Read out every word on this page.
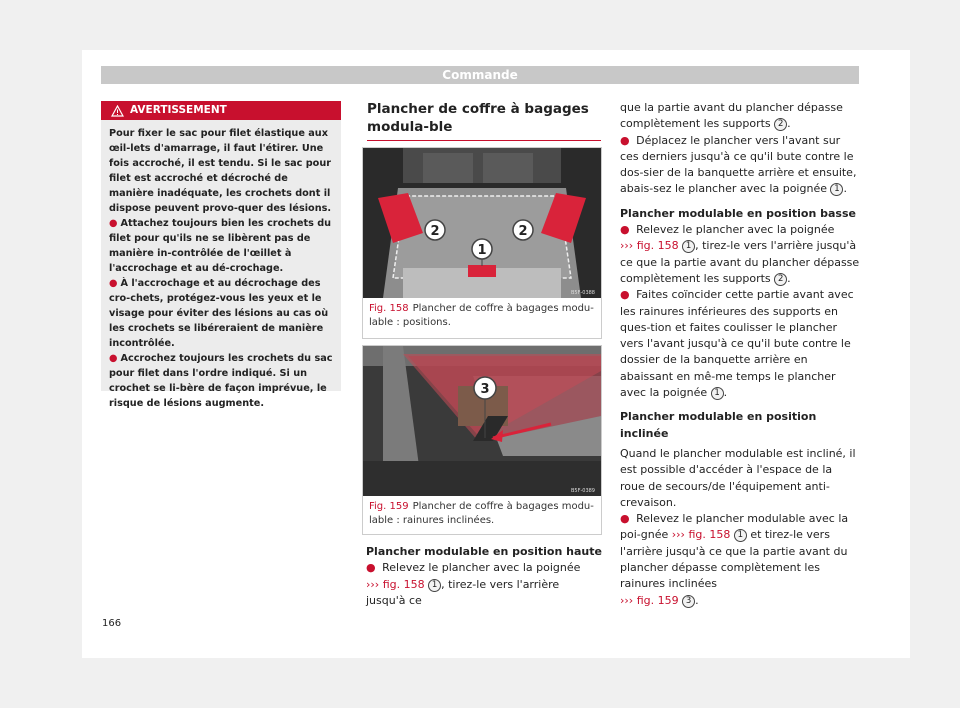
Commande
AVERTISSEMENT

Pour fixer le sac pour filet élastique aux œil-lets d'amarrage, il faut l'étirer. Une fois accroché, il est tendu. Si le sac pour filet est accroché et décroché de manière inadéquate, les crochets dont il dispose peuvent provo-quer des lésions.

● Attachez toujours bien les crochets du filet pour qu'ils ne se libèrent pas de manière in-contrôlée de l'œillet à l'accrochage et au dé-crochage.

● À l'accrochage et au décrochage des cro-chets, protégez-vous les yeux et le visage pour éviter des lésions au cas où les crochets se libéreraient de manière incontrôlée.

● Accrochez toujours les crochets du sac pour filet dans l'ordre indiqué. Si un crochet se li-bère de façon imprévue, le risque de lésions augmente.

Plancher de coffre à bagages modula-ble
2	2
1
B5F-0388
Fig. 158 Plancher de coffre à bagages modu-lable : positions.
3
B5F-0389
Fig. 159 Plancher de coffre à bagages modu-lable : rainures inclinées.

Plancher modulable en position haute

● Relevez le plancher avec la poignée
››› fig. 158 1 , tirez-le vers l'arrière jusqu'à ce

que la partie avant du plancher dépasse complètement les supports 2 .

● Déplacez le plancher vers l'avant sur ces derniers jusqu'à ce qu'il bute contre le dos-sier de la banquette arrière et ensuite, abais-sez le plancher avec la poignée 1 .

Plancher modulable en position basse

● Relevez le plancher avec la poignée
››› fig. 158 1 , tirez-le vers l'arrière jusqu'à ce que la partie avant du plancher dépasse complètement les supports 2 .

● Faites coïncider cette partie avant avec les rainures inférieures des supports en ques-tion et faites coulisser le plancher vers l'avant jusqu'à ce qu'il bute contre le dossier de la banquette arrière en abaissant en mê-me temps le plancher avec la poignée 1 .

Plancher modulable en position inclinée

Quand le plancher modulable est incliné, il est possible d'accéder à l'espace de la roue de secours/de l'équipement anti-crevaison.

● Relevez le plancher modulable avec la poi-gnée ››› fig. 158 1 et tirez-le vers l'arrière jusqu'à ce que la partie avant du plancher dépasse complètement les rainures inclinées
››› fig. 159 3 .

166
